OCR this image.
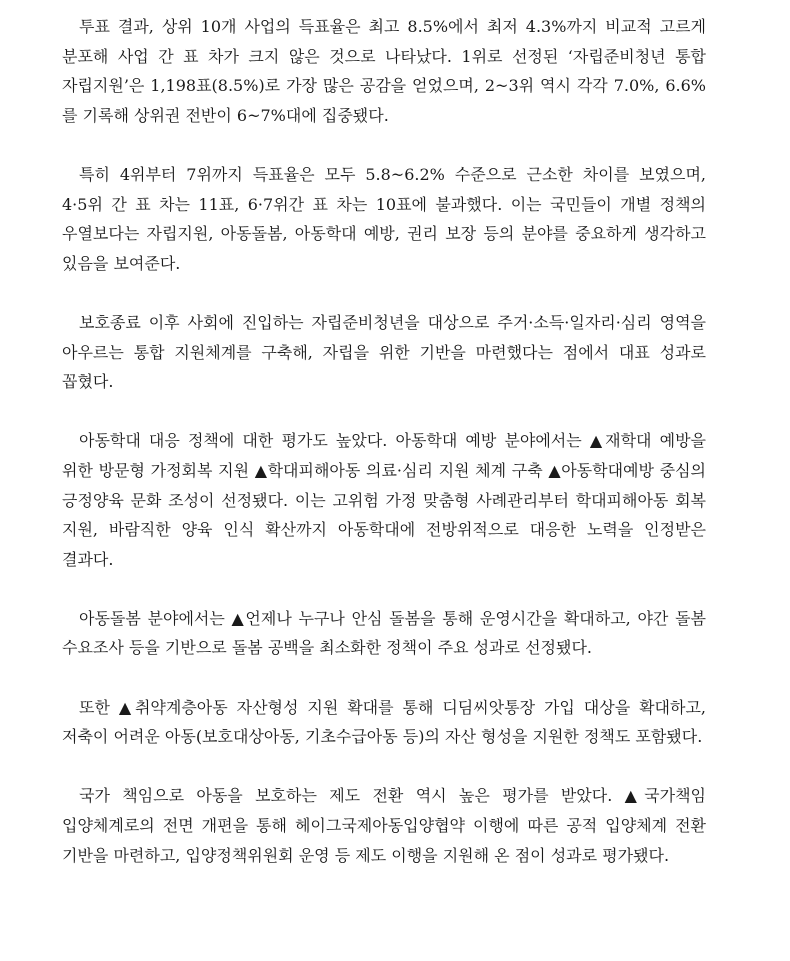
투표 결과, 상위 10개 사업의 득표율은 최고 8.5%에서 최저 4.3%까지 비교적 고르게 분포해 사업 간 표 차가 크지 않은 것으로 나타났다. 1위로 선정된 ‘자립준비청년 통합 자립지원’은 1,198표(8.5%)로 가장 많은 공감을 얻었으며, 2~3위 역시 각각 7.0%, 6.6%를 기록해 상위권 전반이 6~7%대에 집중됐다.

특히 4위부터 7위까지 득표율은 모두 5.8~6.2% 수준으로 근소한 차이를 보였으며, 4·5위 간 표 차는 11표, 6·7위간 표 차는 10표에 불과했다. 이는 국민들이 개별 정책의 우열보다는 자립지원, 아동돌봄, 아동학대 예방, 권리 보장 등의 분야를 중요하게 생각하고 있음을 보여준다.

보호종료 이후 사회에 진입하는 자립준비청년을 대상으로 주거·소득·일자리·심리 영역을 아우르는 통합 지원체계를 구축해, 자립을 위한 기반을 마련했다는 점에서 대표 성과로 꼽혔다.

아동학대 대응 정책에 대한 평가도 높았다. 아동학대 예방 분야에서는 ▲재학대 예방을 위한 방문형 가정회복 지원 ▲학대피해아동 의료·심리 지원 체계 구축 ▲아동학대예방 중심의 긍정양육 문화 조성이 선정됐다. 이는 고위험 가정 맞춤형 사례관리부터 학대피해아동 회복 지원, 바람직한 양육 인식 확산까지 아동학대에 전방위적으로 대응한 노력을 인정받은 결과다.

아동돌봄 분야에서는 ▲언제나 누구나 안심 돌봄을 통해 운영시간을 확대하고, 야간 돌봄 수요조사 등을 기반으로 돌봄 공백을 최소화한 정책이 주요 성과로 선정됐다.

또한 ▲취약계층아동 자산형성 지원 확대를 통해 디딤씨앗통장 가입 대상을 확대하고, 저축이 어려운 아동(보호대상아동, 기초수급아동 등)의 자산 형성을 지원한 정책도 포함됐다.

국가 책임으로 아동을 보호하는 제도 전환 역시 높은 평가를 받았다. ▲국가책임 입양체계로의 전면 개편을 통해 헤이그국제아동입양협약 이행에 따른 공적 입양체계 전환 기반을 마련하고, 입양정책위원회 운영 등 제도 이행을 지원해 온 점이 성과로 평가됐다.
